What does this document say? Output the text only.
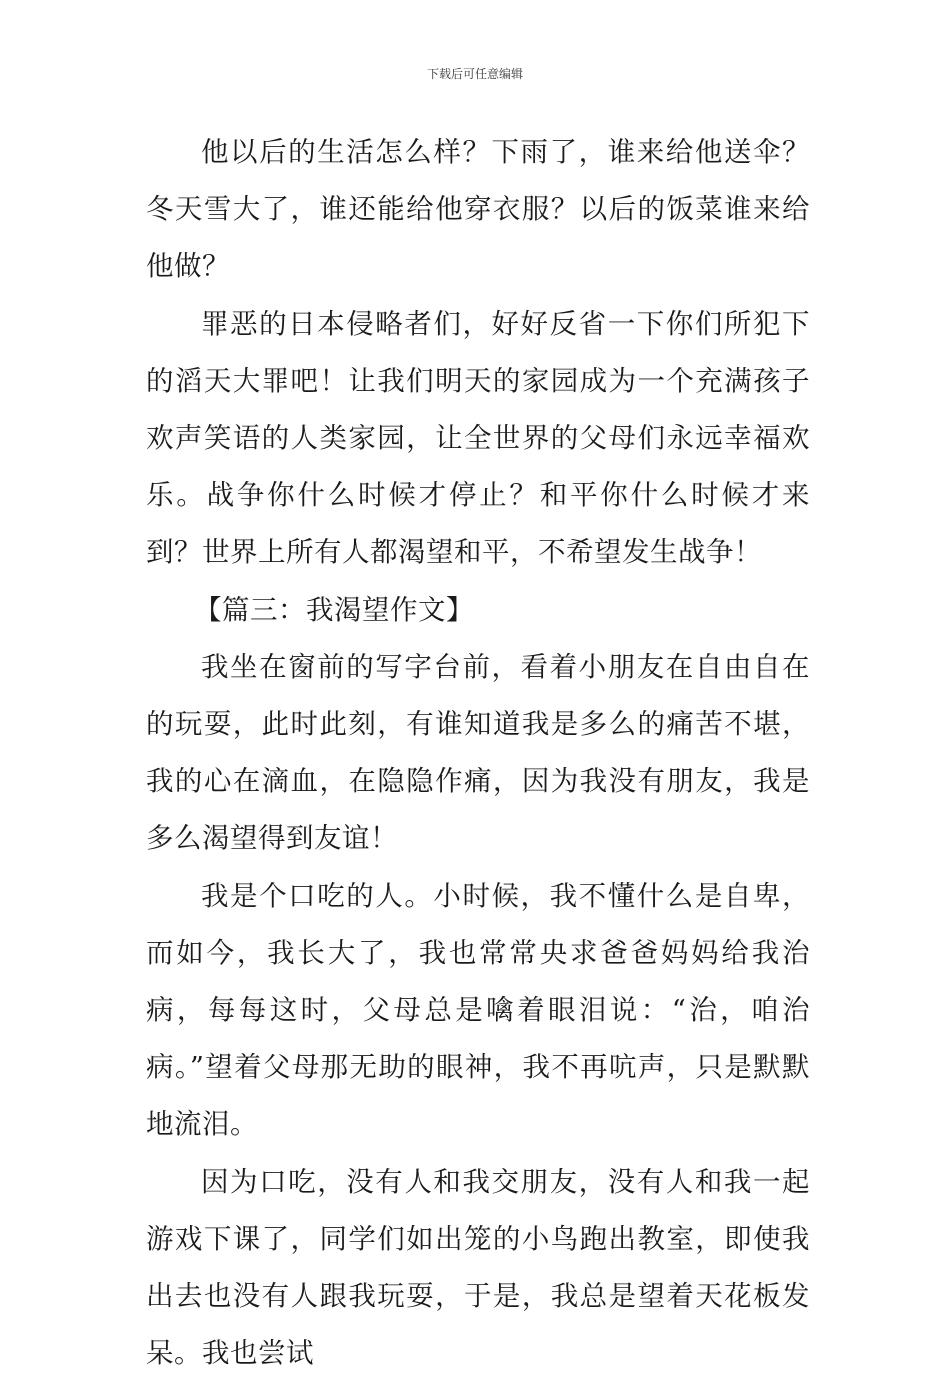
下载后可任意编辑

他以后的生活怎么样？下雨了，谁来给他送伞？冬天雪大了，谁还能给他穿衣服？以后的饭菜谁来给他做？

罪恶的日本侵略者们，好好反省一下你们所犯下的滔天大罪吧！让我们明天的家园成为一个充满孩子欢声笑语的人类家园，让全世界的父母们永远幸福欢乐。战争你什么时候才停止？和平你什么时候才来到？世界上所有人都渴望和平，不希望发生战争！

【篇三：我渴望作文】

我坐在窗前的写字台前，看着小朋友在自由自在的玩耍，此时此刻，有谁知道我是多么的痛苦不堪，我的心在滴血，在隐隐作痛，因为我没有朋友，我是多么渴望得到友谊！

我是个口吃的人。小时候，我不懂什么是自卑，而如今，我长大了，我也常常央求爸爸妈妈给我治病，每每这时，父母总是噙着眼泪说：“治，咱治病。”望着父母那无助的眼神，我不再吭声，只是默默地流泪。

因为口吃，没有人和我交朋友，没有人和我一起游戏下课了，同学们如出笼的小鸟跑出教室，即使我出去也没有人跟我玩耍，于是，我总是望着天花板发呆。我也尝试
